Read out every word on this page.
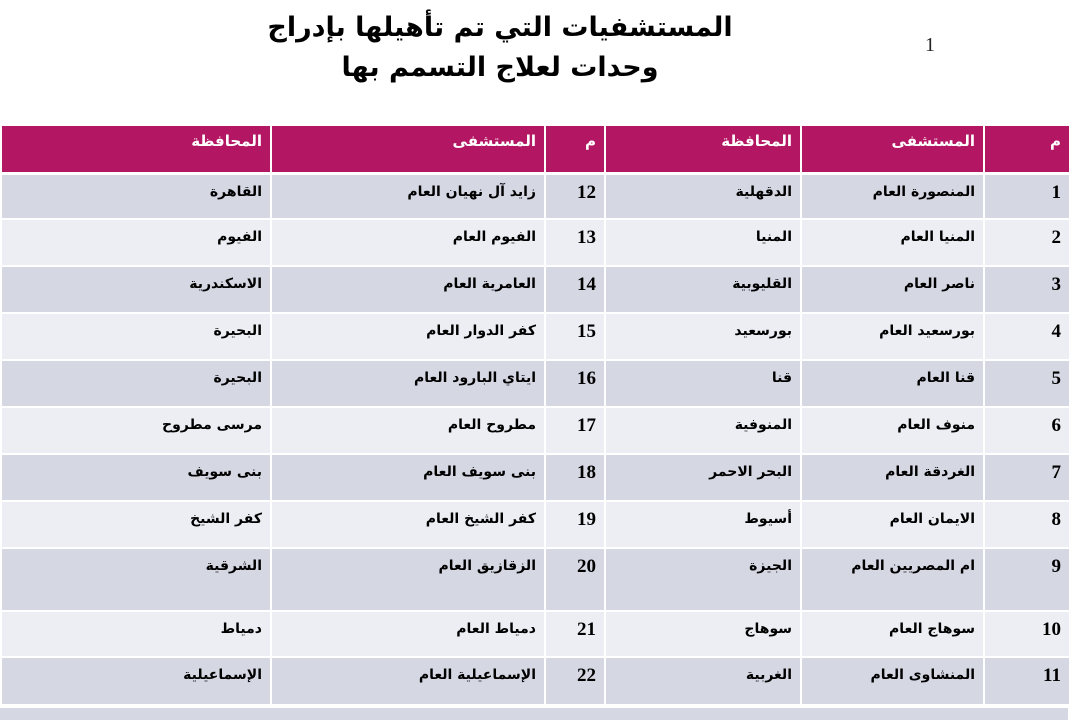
المستشفيات التي تم تأهيلها بإدراج
وحدات لعلاج التسمم بها
1
م	المستشفى	المحافظة	م	المستشفى	المحافظة
1	المنصورة العام	الدقهلية	12	زايد آل نهيان العام	القاهرة
2	المنيا العام	المنيا	13	الفيوم العام	الفيوم
3	ناصر العام	القليوبية	14	العامرية العام	الاسكندرية
4	بورسعيد العام	بورسعيد	15	كفر الدوار العام	البحيرة
5	قنا العام	قنا	16	ايتاي البارود العام	البحيرة
6	منوف العام	المنوفية	17	مطروح العام	مرسى مطروح
7	الغردقة العام	البحر الاحمر	18	بنى سويف العام	بنى سويف
8	الايمان العام	أسيوط	19	كفر الشيخ العام	كفر الشيخ
9	ام المصريين العام	الجيزة	20	الزقازيق العام	الشرقية
10	سوهاج العام	سوهاج	21	دمياط العام	دمياط
11	المنشاوى العام	الغربية	22	الإسماعيلية العام	الإسماعيلية
